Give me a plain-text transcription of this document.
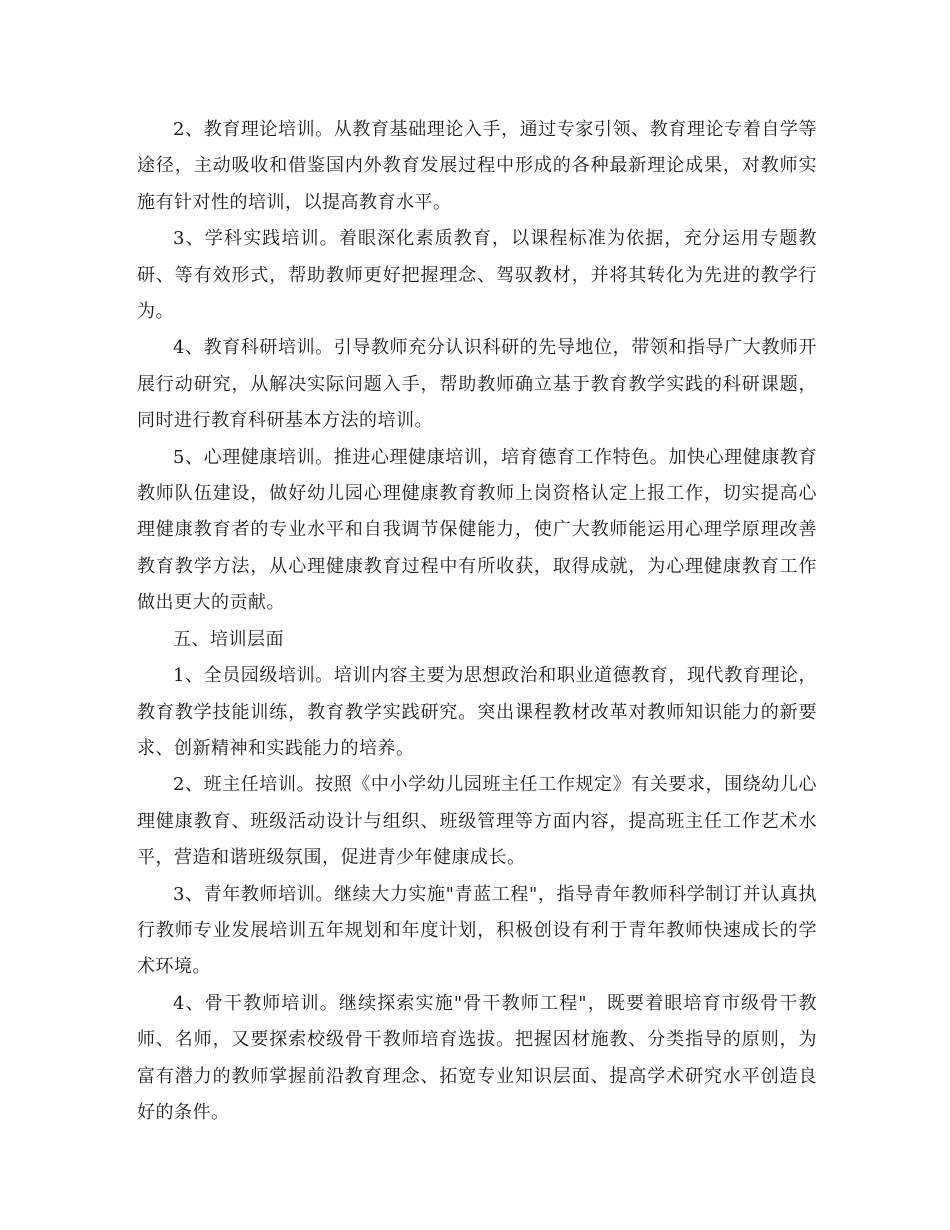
2、教育理论培训。从教育基础理论入手，通过专家引领、教育理论专着自学等途径，主动吸收和借鉴国内外教育发展过程中形成的各种最新理论成果，对教师实施有针对性的培训，以提高教育水平。

3、学科实践培训。着眼深化素质教育，以课程标准为依据，充分运用专题教研、等有效形式，帮助教师更好把握理念、驾驭教材，并将其转化为先进的教学行为。

4、教育科研培训。引导教师充分认识科研的先导地位，带领和指导广大教师开展行动研究，从解决实际问题入手，帮助教师确立基于教育教学实践的科研课题，同时进行教育科研基本方法的培训。

5、心理健康培训。推进心理健康培训，培育德育工作特色。加快心理健康教育教师队伍建设，做好幼儿园心理健康教育教师上岗资格认定上报工作，切实提高心理健康教育者的专业水平和自我调节保健能力，使广大教师能运用心理学原理改善教育教学方法，从心理健康教育过程中有所收获，取得成就，为心理健康教育工作做出更大的贡献。

五、培训层面

1、全员园级培训。培训内容主要为思想政治和职业道德教育，现代教育理论，教育教学技能训练，教育教学实践研究。突出课程教材改革对教师知识能力的新要求、创新精神和实践能力的培养。

2、班主任培训。按照《中小学幼儿园班主任工作规定》有关要求，围绕幼儿心理健康教育、班级活动设计与组织、班级管理等方面内容，提高班主任工作艺术水平，营造和谐班级氛围，促进青少年健康成长。

3、青年教师培训。继续大力实施"青蓝工程"，指导青年教师科学制订并认真执行教师专业发展培训五年规划和年度计划，积极创设有利于青年教师快速成长的学术环境。

4、骨干教师培训。继续探索实施"骨干教师工程"，既要着眼培育市级骨干教师、名师，又要探索校级骨干教师培育选拔。把握因材施教、分类指导的原则，为富有潜力的教师掌握前沿教育理念、拓宽专业知识层面、提高学术研究水平创造良好的条件。
